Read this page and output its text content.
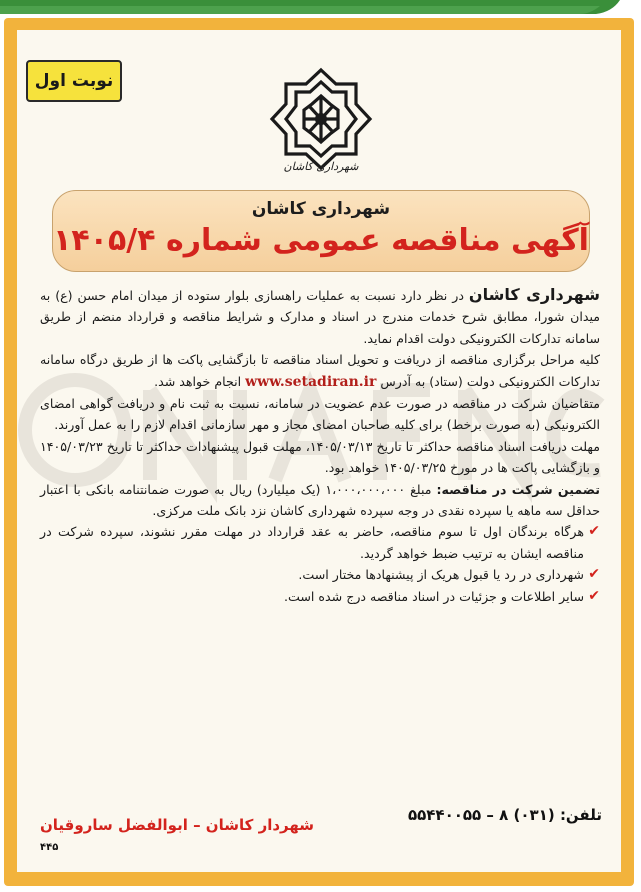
نوبت اول
شهرداری کاشان
شهرداری کاشان
آگهی مناقصه عمومی شماره ۱۴۰۵/۴

شهرداری کاشان در نظر دارد نسبت به عملیات راهسازی بلوار ستوده از میدان امام حسن (ع) به میدان شورا، مطابق شرح خدمات مندرج در اسناد و مدارک و شرایط مناقصه و قرارداد منضم از طریق سامانه تدارکات الکترونیکی دولت اقدام نماید.

کلیه مراحل برگزاری مناقصه از دریافت و تحویل اسناد مناقصه تا بازگشایی پاکت ها از طریق درگاه سامانه تدارکات الکترونیکی دولت (ستاد) به آدرس www.setadiran.ir انجام خواهد شد.

متقاضیان شرکت در مناقصه در صورت عدم عضویت در سامانه، نسبت به ثبت نام و دریافت گواهی امضای الکترونیکی (به صورت برخط) برای کلیه صاحبان امضای مجاز و مهر سازمانی اقدام لازم را به عمل آورند.

مهلت دریافت اسناد مناقصه حداکثر تا تاریخ ۱۴۰۵/۰۳/۱۳، مهلت قبول پیشنهادات حداکثر تا تاریخ ۱۴۰۵/۰۳/۲۳ و بازگشایی پاکت ها در مورخ ۱۴۰۵/۰۳/۲۵ خواهد بود.

تضمین شرکت در مناقصه: مبلغ ۱،۰۰۰،۰۰۰،۰۰۰ (یک میلیارد) ریال به صورت ضمانتنامه بانکی با اعتبار حداقل سه ماهه یا سپرده نقدی در وجه سپرده شهرداری کاشان نزد بانک ملت مرکزی.

✔
هرگاه برندگان اول تا سوم مناقصه، حاضر به عقد قرارداد در مهلت مقرر نشوند، سپرده شرکت در مناقصه ایشان به ترتیب ضبط خواهد گردید.

✔
شهرداری در رد یا قبول هریک از پیشنهادها مختار است.

✔
سایر اطلاعات و جزئیات در اسناد مناقصه درج شده است.

تلفن: ۵۵۴۴۰۰۵۵ – ۸ (۰۳۱)
شهردار کاشان – ابوالفضل ساروقیان
۴۴۵
